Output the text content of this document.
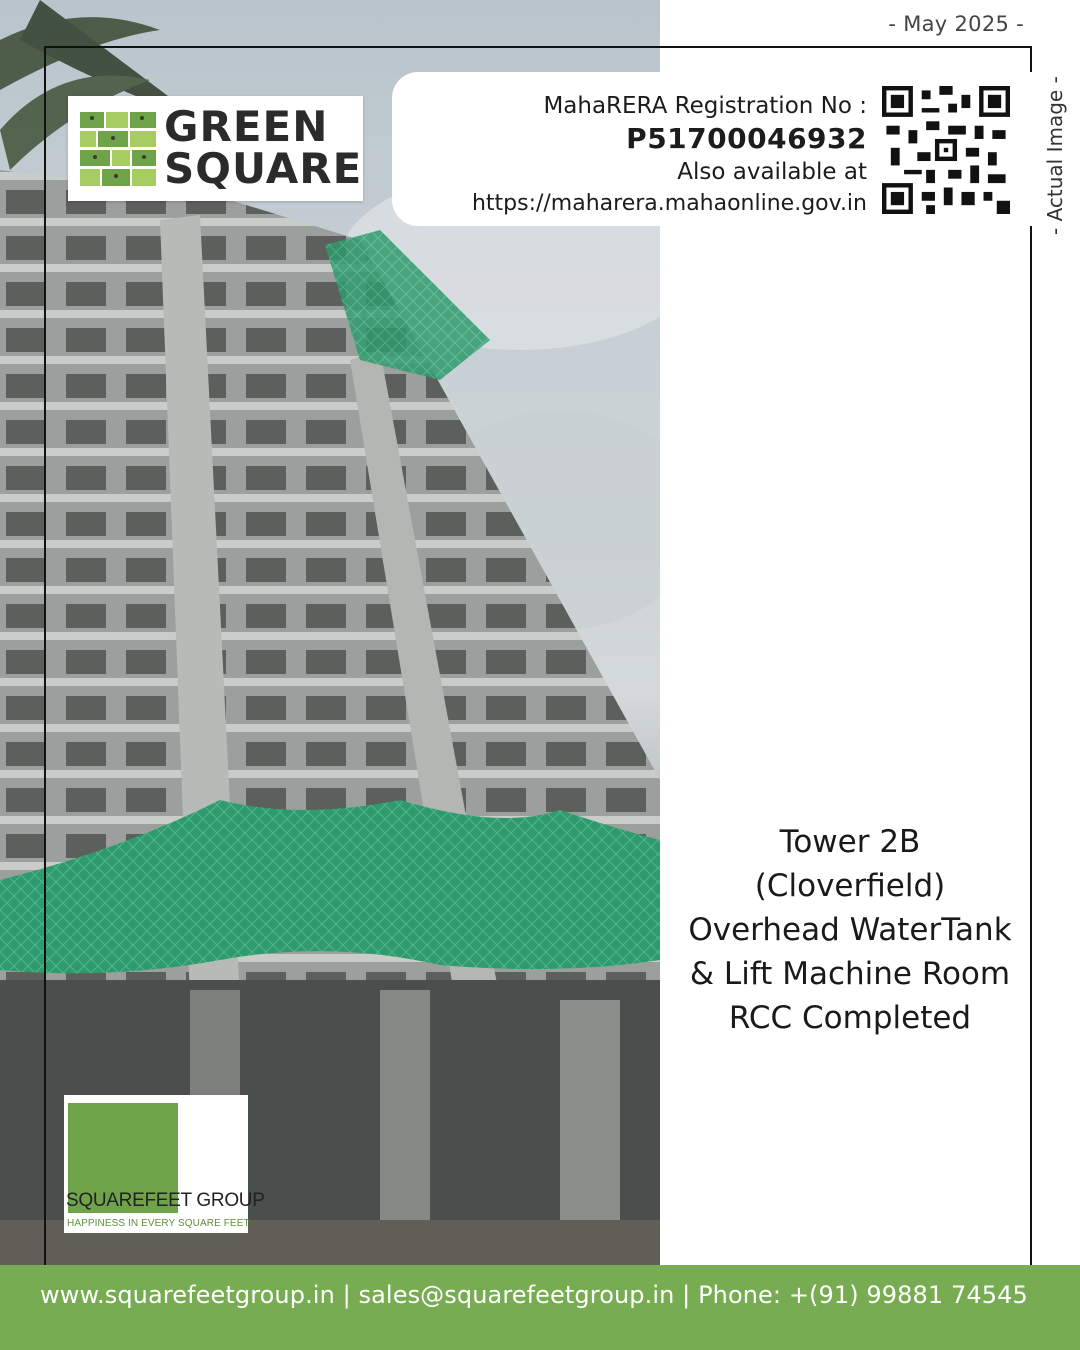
- May 2025 -
- Actual Image -
GREEN
SQUARE
MahaRERA Registration No :
P51700046932
Also available at
https://maharera.mahaonline.gov.in
Tower 2B
(Cloverfield)
Overhead WaterTank
& Lift Machine Room
RCC Completed
SQUAREFEET GROUP
HAPPINESS IN EVERY SQUARE FEET
www.squarefeetgroup.in | sales@squarefeetgroup.in | Phone: +(91) 99881 74545
